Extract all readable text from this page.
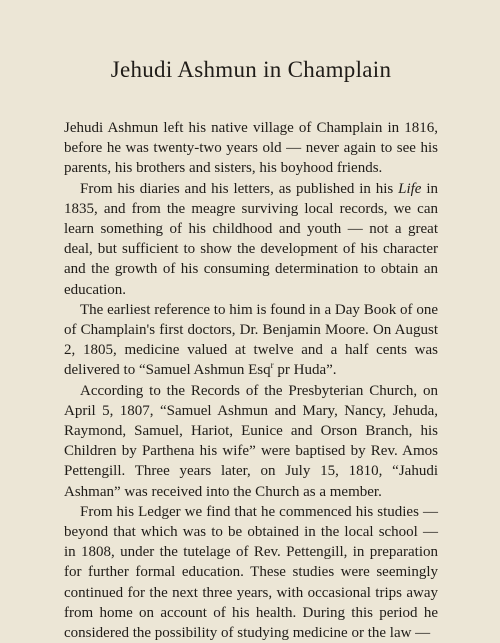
Jehudi Ashmun in Champlain

Jehudi Ashmun left his native village of Champlain in 1816, before he was twenty-two years old — never again to see his parents, his brothers and sisters, his boyhood friends.

From his diaries and his letters, as published in his Life in 1835, and from the meagre surviving local records, we can learn something of his childhood and youth — not a great deal, but sufficient to show the development of his character and the growth of his consuming determination to obtain an education.

The earliest reference to him is found in a Day Book of one of Champlain's first doctors, Dr. Benjamin Moore. On August 2, 1805, medicine valued at twelve and a half cents was delivered to “Samuel Ashmun Esq$^r$ pr Huda”.

According to the Records of the Presbyterian Church, on April 5, 1807, “Samuel Ashmun and Mary, Nancy, Jehuda, Raymond, Samuel, Hariot, Eunice and Orson Branch, his Children by Parthena his wife” were baptised by Rev. Amos Pettengill. Three years later, on July 15, 1810, “Jahudi Ashman” was received into the Church as a member.

From his Ledger we find that he commenced his studies — beyond that which was to be obtained in the local school — in 1808, under the tutelage of Rev. Pettengill, in preparation for further formal education. These studies were seemingly continued for the next three years, with occasional trips away from home on account of his health. During this period he considered the possibility of studying medicine or the law —
